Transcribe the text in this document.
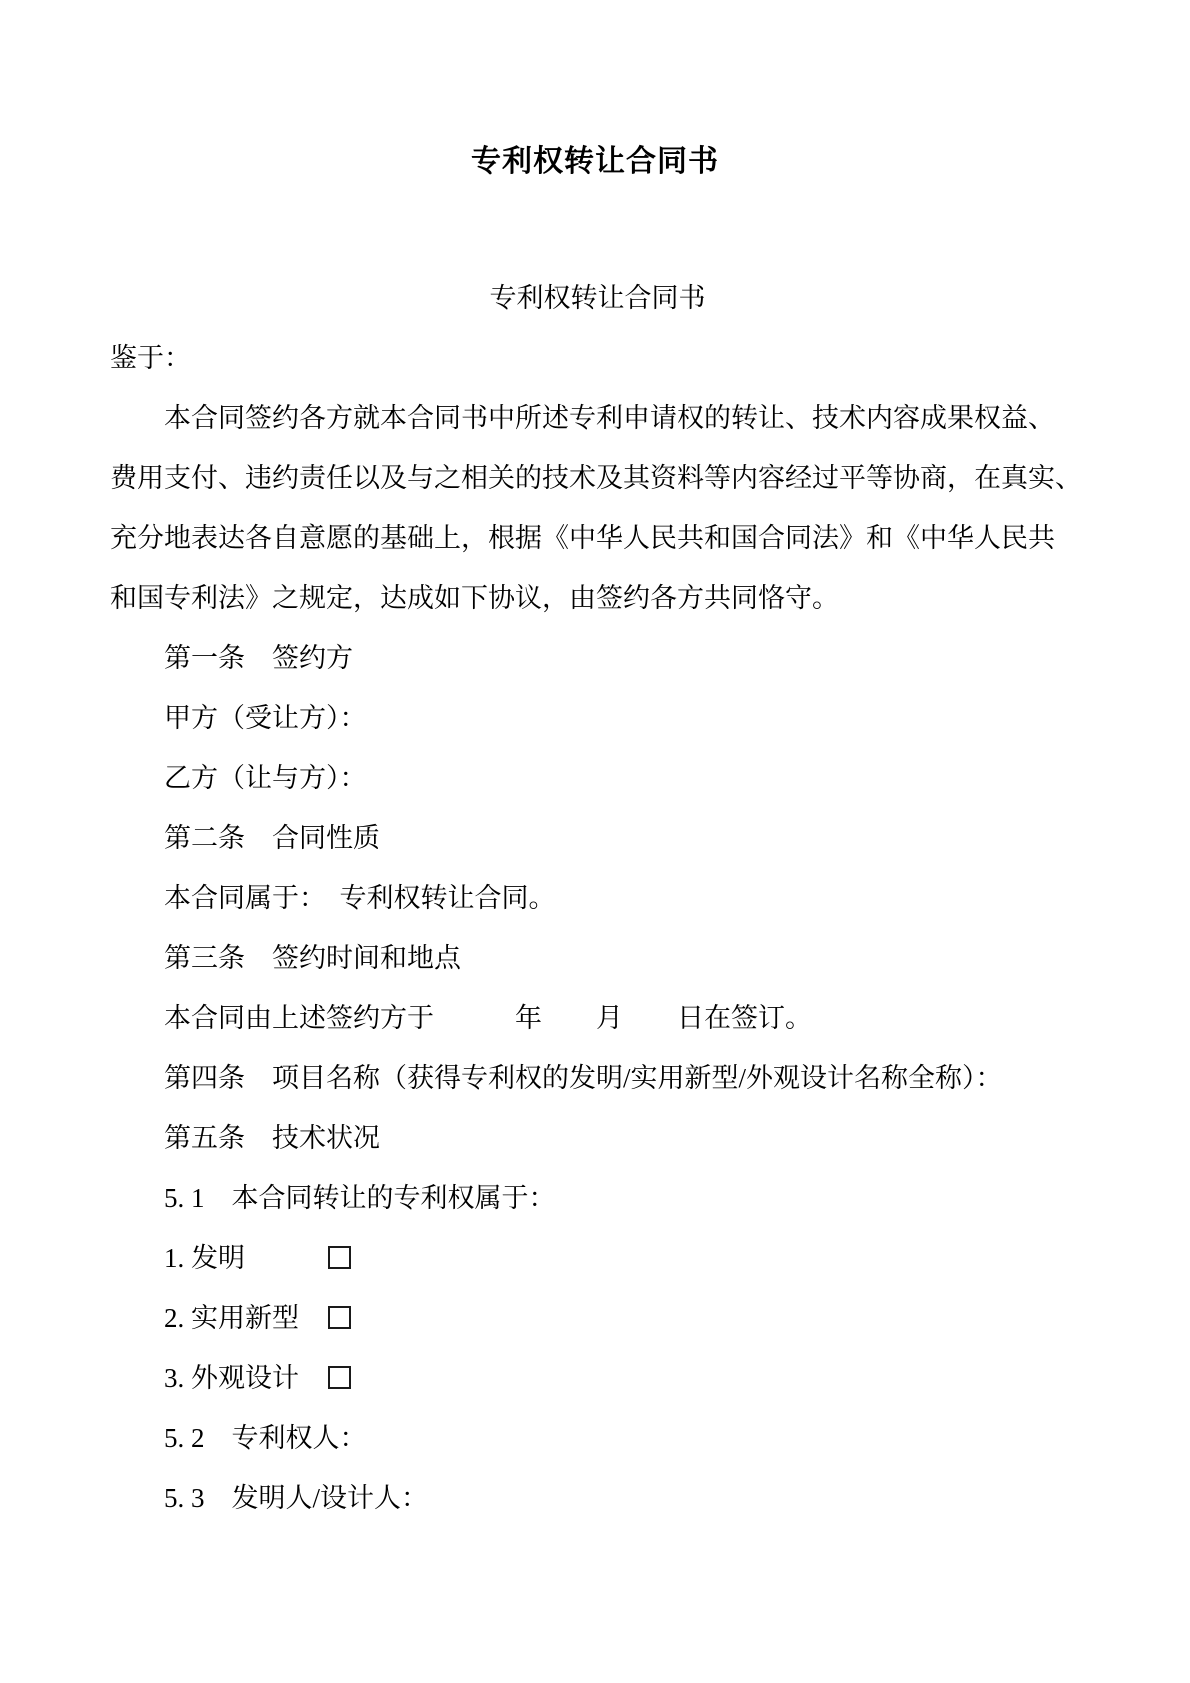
专利权转让合同书

专利权转让合同书

鉴于：

本合同签约各方就本合同书中所述专利申请权的转让、技术内容成果权益、

费用支付、违约责任以及与之相关的技术及其资料等内容经过平等协商，在真实、

充分地表达各自意愿的基础上，根据《中华人民共和国合同法》和《中华人民共

和国专利法》之规定，达成如下协议，由签约各方共同恪守。

第一条　签约方

甲方（受让方）：

乙方（让与方）：

第二条　合同性质

本合同属于：　专利权转让合同。

第三条　签约时间和地点

本合同由上述签约方于　　　年　　月　　日在签订。

第四条　项目名称（获得专利权的发明/实用新型/外观设计名称全称）：

第五条　技术状况

5. 1　本合同转让的专利权属于：

1. 发明　　　

2. 实用新型　

3. 外观设计　

5. 2　专利权人：

5. 3　发明人/设计人：
